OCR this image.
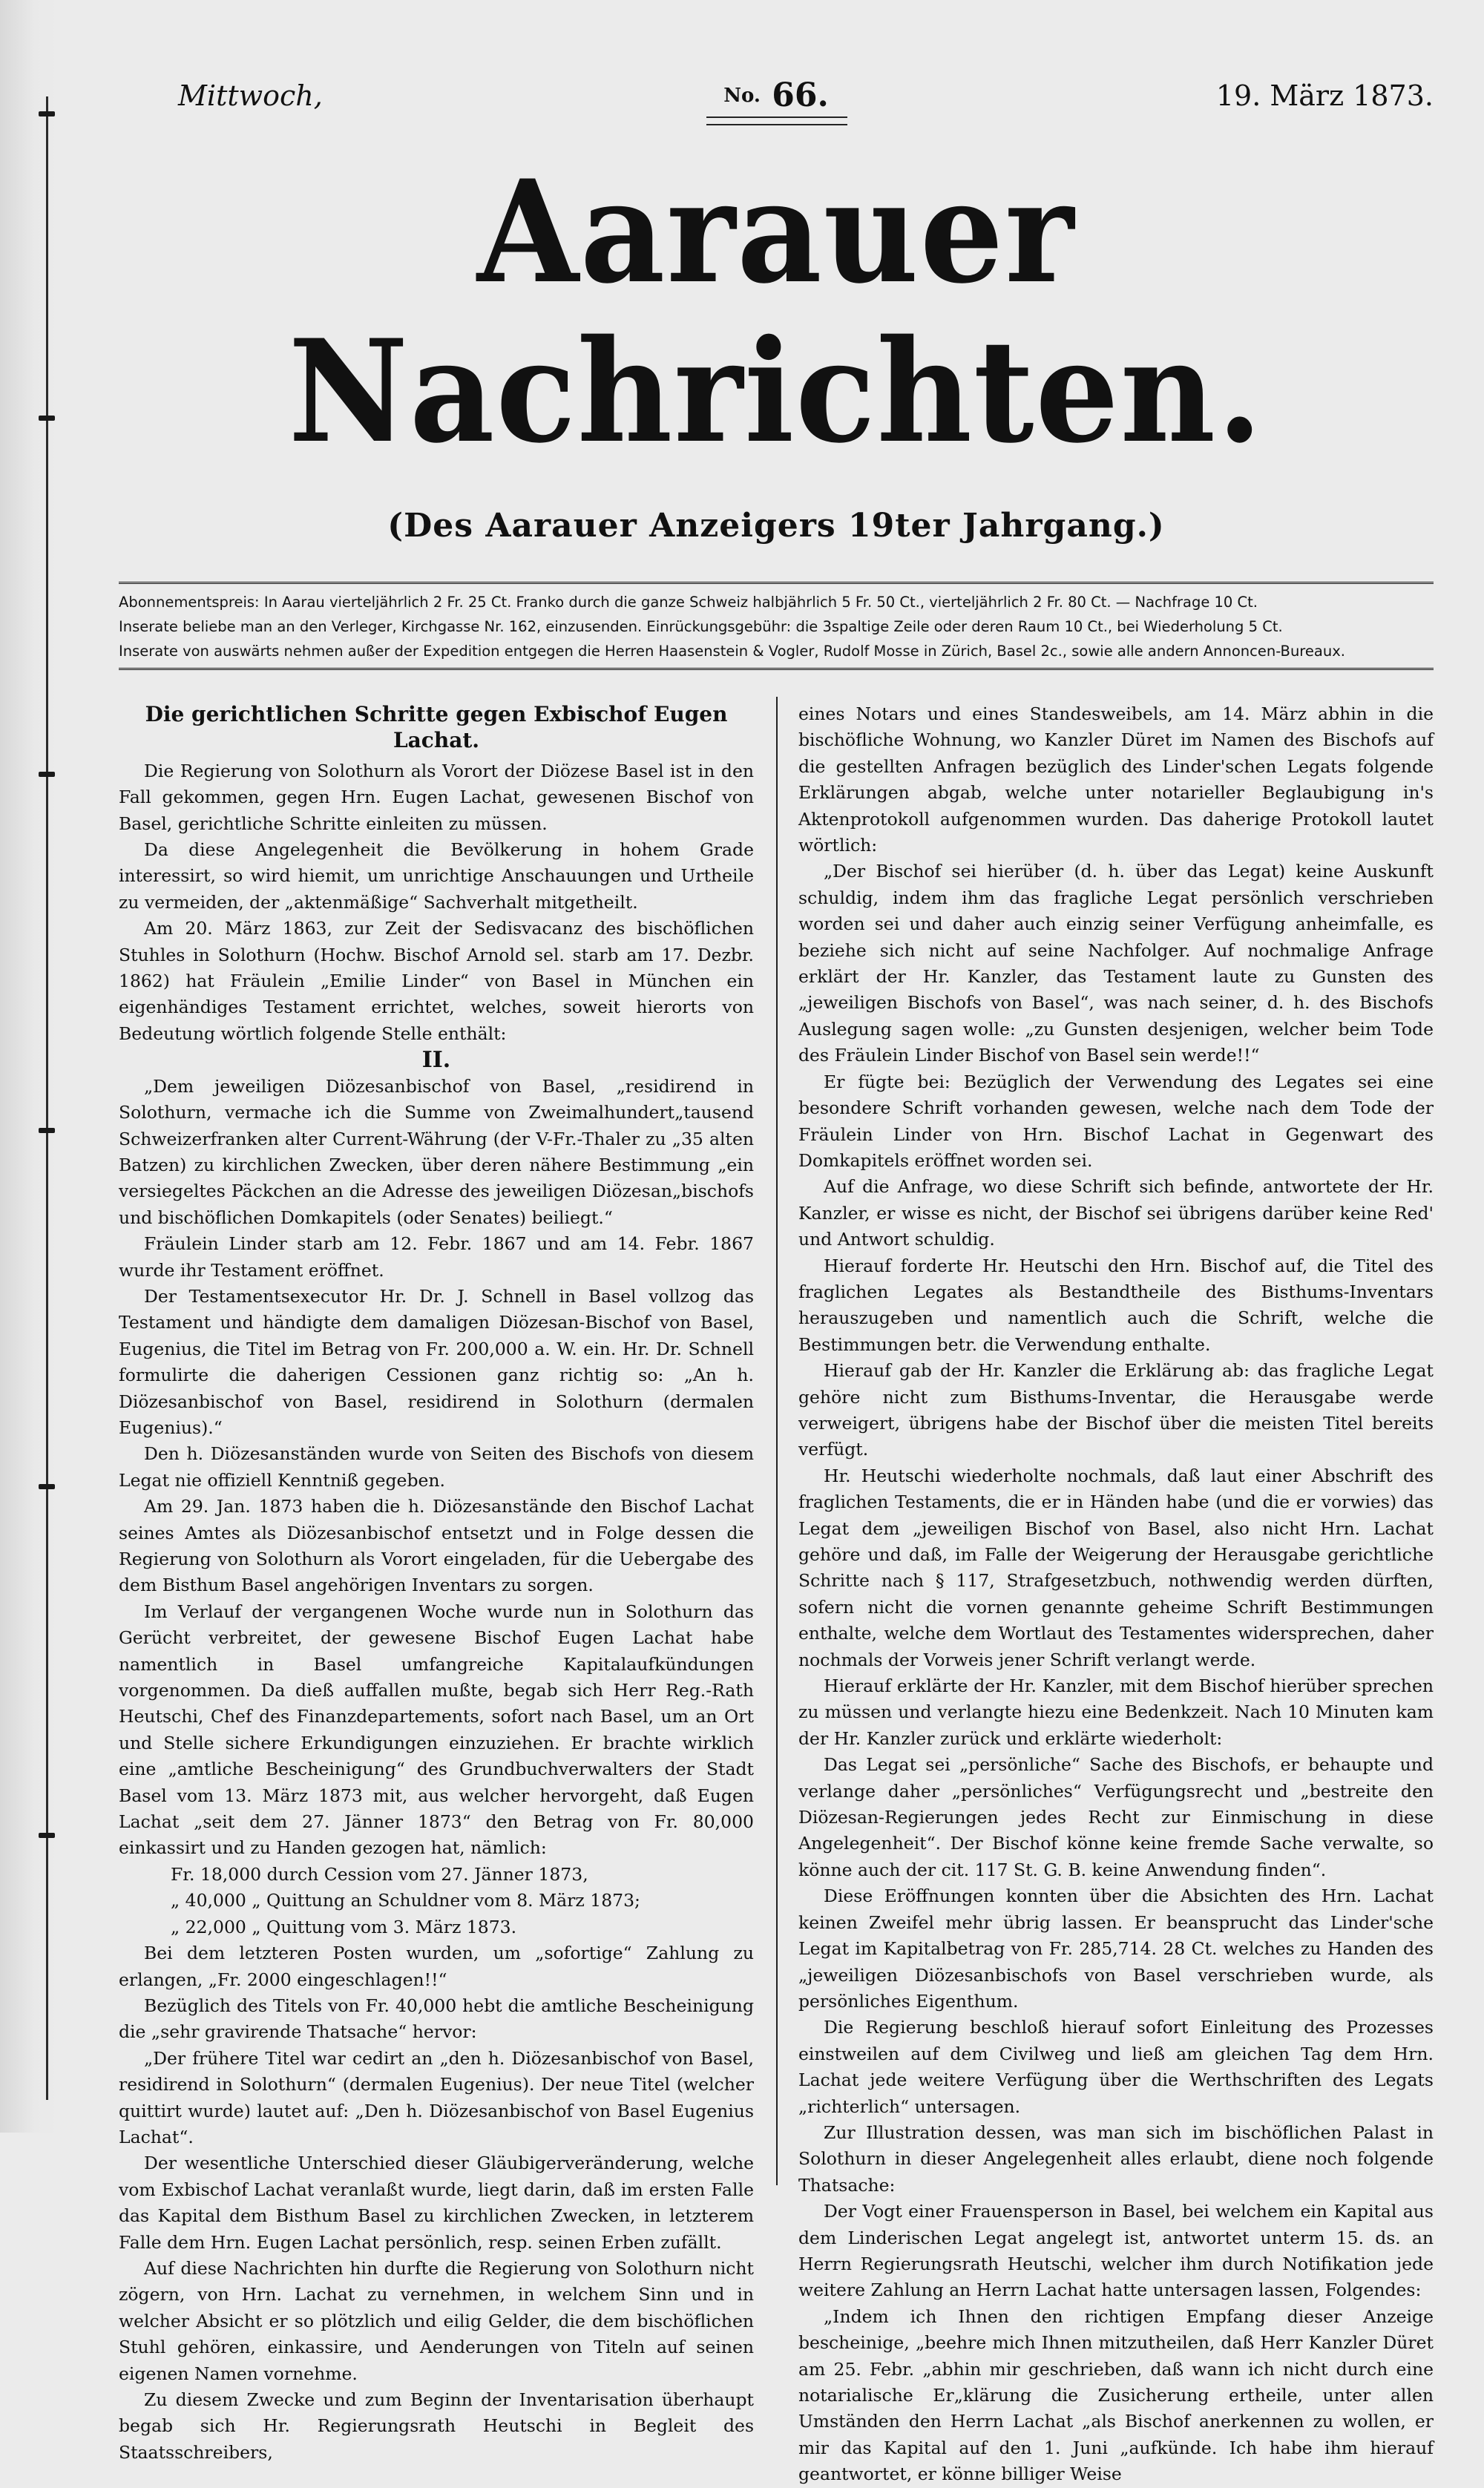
Mittwoch,	No. 66.	19. März 1873.
Aarauer Nachrichten.
(Des Aarauer Anzeigers 19ter Jahrgang.)

Abonnementspreis: In Aarau vierteljährlich 2 Fr. 25 Ct. Franko durch die ganze Schweiz halbjährlich 5 Fr. 50 Ct., vierteljährlich 2 Fr. 80 Ct. — Nachfrage 10 Ct.

Inserate beliebe man an den Verleger, Kirchgasse Nr. 162, einzusenden. Einrückungsgebühr: die 3spaltige Zeile oder deren Raum 10 Ct., bei Wiederholung 5 Ct.

Inserate von auswärts nehmen außer der Expedition entgegen die Herren Haasenstein & Vogler, Rudolf Mosse in Zürich, Basel 2c., sowie alle andern Annoncen-Bureaux.

Die gerichtlichen Schritte gegen Exbischof Eugen Lachat.

Die Regierung von Solothurn als Vorort der Diözese Basel ist in den Fall gekommen, gegen Hrn. Eugen Lachat, gewesenen Bischof von Basel, gerichtliche Schritte einleiten zu müssen.

Da diese Angelegenheit die Bevölkerung in hohem Grade interessirt, so wird hiemit, um unrichtige Anschauungen und Urtheile zu vermeiden, der „aktenmäßige“ Sachverhalt mitgetheilt.

Am 20. März 1863, zur Zeit der Sedisvacanz des bischöflichen Stuhles in Solothurn (Hochw. Bischof Arnold sel. starb am 17. Dezbr. 1862) hat Fräulein „Emilie Linder“ von Basel in München ein eigenhändiges Testament errichtet, welches, soweit hierorts von Bedeutung wörtlich folgende Stelle enthält:

II.

„Dem jeweiligen Diözesanbischof von Basel, „residirend in Solothurn, vermache ich die Summe von Zweimalhundert„tausend Schweizerfranken alter Current-Währung (der V-Fr.-Thaler zu „35 alten Batzen) zu kirchlichen Zwecken, über deren nähere Bestimmung „ein versiegeltes Päckchen an die Adresse des jeweiligen Diözesan„bischofs und bischöflichen Domkapitels (oder Senates) beiliegt.“

Fräulein Linder starb am 12. Febr. 1867 und am 14. Febr. 1867 wurde ihr Testament eröffnet.

Der Testamentsexecutor Hr. Dr. J. Schnell in Basel vollzog das Testament und händigte dem damaligen Diözesan-Bischof von Basel, Eugenius, die Titel im Betrag von Fr. 200,000 a. W. ein. Hr. Dr. Schnell formulirte die daherigen Cessionen ganz richtig so: „An h. Diözesanbischof von Basel, residirend in Solothurn (dermalen Eugenius).“

Den h. Diözesanständen wurde von Seiten des Bischofs von diesem Legat nie offiziell Kenntniß gegeben.

Am 29. Jan. 1873 haben die h. Diözesanstände den Bischof Lachat seines Amtes als Diözesanbischof entsetzt und in Folge dessen die Regierung von Solothurn als Vorort eingeladen, für die Uebergabe des dem Bisthum Basel angehörigen Inventars zu sorgen.

Im Verlauf der vergangenen Woche wurde nun in Solothurn das Gerücht verbreitet, der gewesene Bischof Eugen Lachat habe namentlich in Basel umfangreiche Kapitalaufkündungen vorgenommen. Da dieß auffallen mußte, begab sich Herr Reg.-Rath Heutschi, Chef des Finanzdepartements, sofort nach Basel, um an Ort und Stelle sichere Erkundigungen einzuziehen. Er brachte wirklich eine „amtliche Bescheinigung“ des Grundbuchverwalters der Stadt Basel vom 13. März 1873 mit, aus welcher hervorgeht, daß Eugen Lachat „seit dem 27. Jänner 1873“ den Betrag von Fr. 80,000 einkassirt und zu Handen gezogen hat, nämlich:

Fr. 18,000 durch Cession vom 27. Jänner 1873,

„ 40,000 „ Quittung an Schuldner vom 8. März 1873;

„ 22,000 „ Quittung vom 3. März 1873.

Bei dem letzteren Posten wurden, um „sofortige“ Zahlung zu erlangen, „Fr. 2000 eingeschlagen!!“

Bezüglich des Titels von Fr. 40,000 hebt die amtliche Bescheinigung die „sehr gravirende Thatsache“ hervor:

„Der frühere Titel war cedirt an „den h. Diözesanbischof von Basel, residirend in Solothurn“ (dermalen Eugenius). Der neue Titel (welcher quittirt wurde) lautet auf: „Den h. Diözesanbischof von Basel Eugenius Lachat“.

Der wesentliche Unterschied dieser Gläubigerveränderung, welche vom Exbischof Lachat veranlaßt wurde, liegt darin, daß im ersten Falle das Kapital dem Bisthum Basel zu kirchlichen Zwecken, in letzterem Falle dem Hrn. Eugen Lachat persönlich, resp. seinen Erben zufällt.

Auf diese Nachrichten hin durfte die Regierung von Solothurn nicht zögern, von Hrn. Lachat zu vernehmen, in welchem Sinn und in welcher Absicht er so plötzlich und eilig Gelder, die dem bischöflichen Stuhl gehören, einkassire, und Aenderungen von Titeln auf seinen eigenen Namen vornehme.

Zu diesem Zwecke und zum Beginn der Inventarisation überhaupt begab sich Hr. Regierungsrath Heutschi in Begleit des Staatsschreibers,

eines Notars und eines Standesweibels, am 14. März abhin in die bischöfliche Wohnung, wo Kanzler Düret im Namen des Bischofs auf die gestellten Anfragen bezüglich des Linder'schen Legats folgende Erklärungen abgab, welche unter notarieller Beglaubigung in's Aktenprotokoll aufgenommen wurden. Das daherige Protokoll lautet wörtlich:

„Der Bischof sei hierüber (d. h. über das Legat) keine Auskunft schuldig, indem ihm das fragliche Legat persönlich verschrieben worden sei und daher auch einzig seiner Verfügung anheimfalle, es beziehe sich nicht auf seine Nachfolger. Auf nochmalige Anfrage erklärt der Hr. Kanzler, das Testament laute zu Gunsten des „jeweiligen Bischofs von Basel“, was nach seiner, d. h. des Bischofs Auslegung sagen wolle: „zu Gunsten desjenigen, welcher beim Tode des Fräulein Linder Bischof von Basel sein werde!!“

Er fügte bei: Bezüglich der Verwendung des Legates sei eine besondere Schrift vorhanden gewesen, welche nach dem Tode der Fräulein Linder von Hrn. Bischof Lachat in Gegenwart des Domkapitels eröffnet worden sei.

Auf die Anfrage, wo diese Schrift sich befinde, antwortete der Hr. Kanzler, er wisse es nicht, der Bischof sei übrigens darüber keine Red' und Antwort schuldig.

Hierauf forderte Hr. Heutschi den Hrn. Bischof auf, die Titel des fraglichen Legates als Bestandtheile des Bisthums-Inventars herauszugeben und namentlich auch die Schrift, welche die Bestimmungen betr. die Verwendung enthalte.

Hierauf gab der Hr. Kanzler die Erklärung ab: das fragliche Legat gehöre nicht zum Bisthums-Inventar, die Herausgabe werde verweigert, übrigens habe der Bischof über die meisten Titel bereits verfügt.

Hr. Heutschi wiederholte nochmals, daß laut einer Abschrift des fraglichen Testaments, die er in Händen habe (und die er vorwies) das Legat dem „jeweiligen Bischof von Basel, also nicht Hrn. Lachat gehöre und daß, im Falle der Weigerung der Herausgabe gerichtliche Schritte nach § 117, Strafgesetzbuch, nothwendig werden dürften, sofern nicht die vornen genannte geheime Schrift Bestimmungen enthalte, welche dem Wortlaut des Testamentes widersprechen, daher nochmals der Vorweis jener Schrift verlangt werde.

Hierauf erklärte der Hr. Kanzler, mit dem Bischof hierüber sprechen zu müssen und verlangte hiezu eine Bedenkzeit. Nach 10 Minuten kam der Hr. Kanzler zurück und erklärte wiederholt:

Das Legat sei „persönliche“ Sache des Bischofs, er behaupte und verlange daher „persönliches“ Verfügungsrecht und „bestreite den Diözesan-Regierungen jedes Recht zur Einmischung in diese Angelegenheit“. Der Bischof könne keine fremde Sache verwalte, so könne auch der cit. 117 St. G. B. keine Anwendung finden“.

Diese Eröffnungen konnten über die Absichten des Hrn. Lachat keinen Zweifel mehr übrig lassen. Er beansprucht das Linder'sche Legat im Kapitalbetrag von Fr. 285,714. 28 Ct. welches zu Handen des „jeweiligen Diözesanbischofs von Basel verschrieben wurde, als persönliches Eigenthum.

Die Regierung beschloß hierauf sofort Einleitung des Prozesses einstweilen auf dem Civilweg und ließ am gleichen Tag dem Hrn. Lachat jede weitere Verfügung über die Werthschriften des Legats „richterlich“ untersagen.

Zur Illustration dessen, was man sich im bischöflichen Palast in Solothurn in dieser Angelegenheit alles erlaubt, diene noch folgende Thatsache:

Der Vogt einer Frauensperson in Basel, bei welchem ein Kapital aus dem Linderischen Legat angelegt ist, antwortet unterm 15. ds. an Herrn Regierungsrath Heutschi, welcher ihm durch Notifikation jede weitere Zahlung an Herrn Lachat hatte untersagen lassen, Folgendes:

„Indem ich Ihnen den richtigen Empfang dieser Anzeige bescheinige, „beehre mich Ihnen mitzutheilen, daß Herr Kanzler Düret am 25. Febr. „abhin mir geschrieben, daß wann ich nicht durch eine notarialische Er„klärung die Zusicherung ertheile, unter allen Umständen den Herrn Lachat „als Bischof anerkennen zu wollen, er mir das Kapital auf den 1. Juni „aufkünde. Ich habe ihm hierauf geantwortet, er könne billiger Weise
